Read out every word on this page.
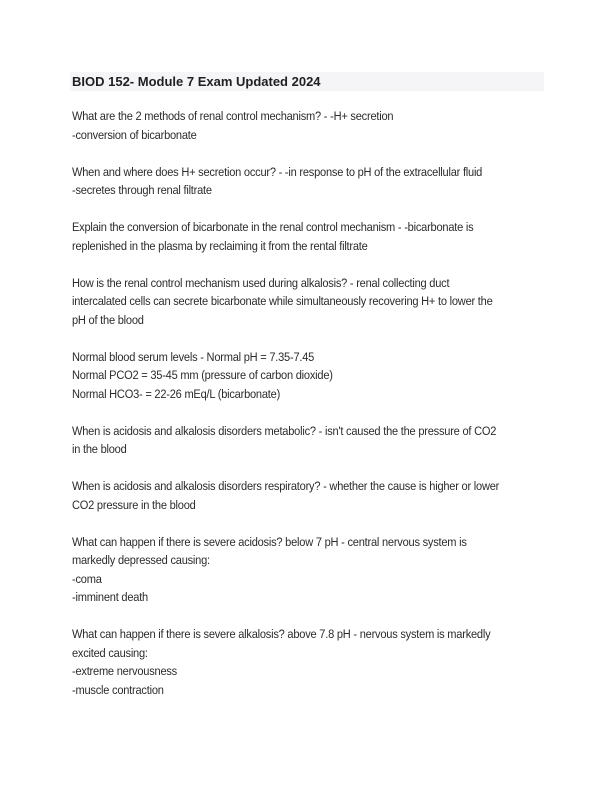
BIOD 152- Module 7 Exam Updated 2024
What are the 2 methods of renal control mechanism? - -H+ secretion
-conversion of bicarbonate
When and where does H+ secretion occur? - -in response to pH of the extracellular fluid
-secretes through renal filtrate
Explain the conversion of bicarbonate in the renal control mechanism - -bicarbonate is
replenished in the plasma by reclaiming it from the rental filtrate
How is the renal control mechanism used during alkalosis? - renal collecting duct
intercalated cells can secrete bicarbonate while simultaneously recovering H+ to lower the
pH of the blood
Normal blood serum levels - Normal pH = 7.35-7.45
Normal PCO2 = 35-45 mm (pressure of carbon dioxide)
Normal HCO3- = 22-26 mEq/L (bicarbonate)
When is acidosis and alkalosis disorders metabolic? - isn't caused the the pressure of CO2
in the blood
When is acidosis and alkalosis disorders respiratory? - whether the cause is higher or lower
CO2 pressure in the blood
What can happen if there is severe acidosis? below 7 pH - central nervous system is
markedly depressed causing:
-coma
-imminent death
What can happen if there is severe alkalosis? above 7.8 pH - nervous system is markedly
excited causing:
-extreme nervousness
-muscle contraction
